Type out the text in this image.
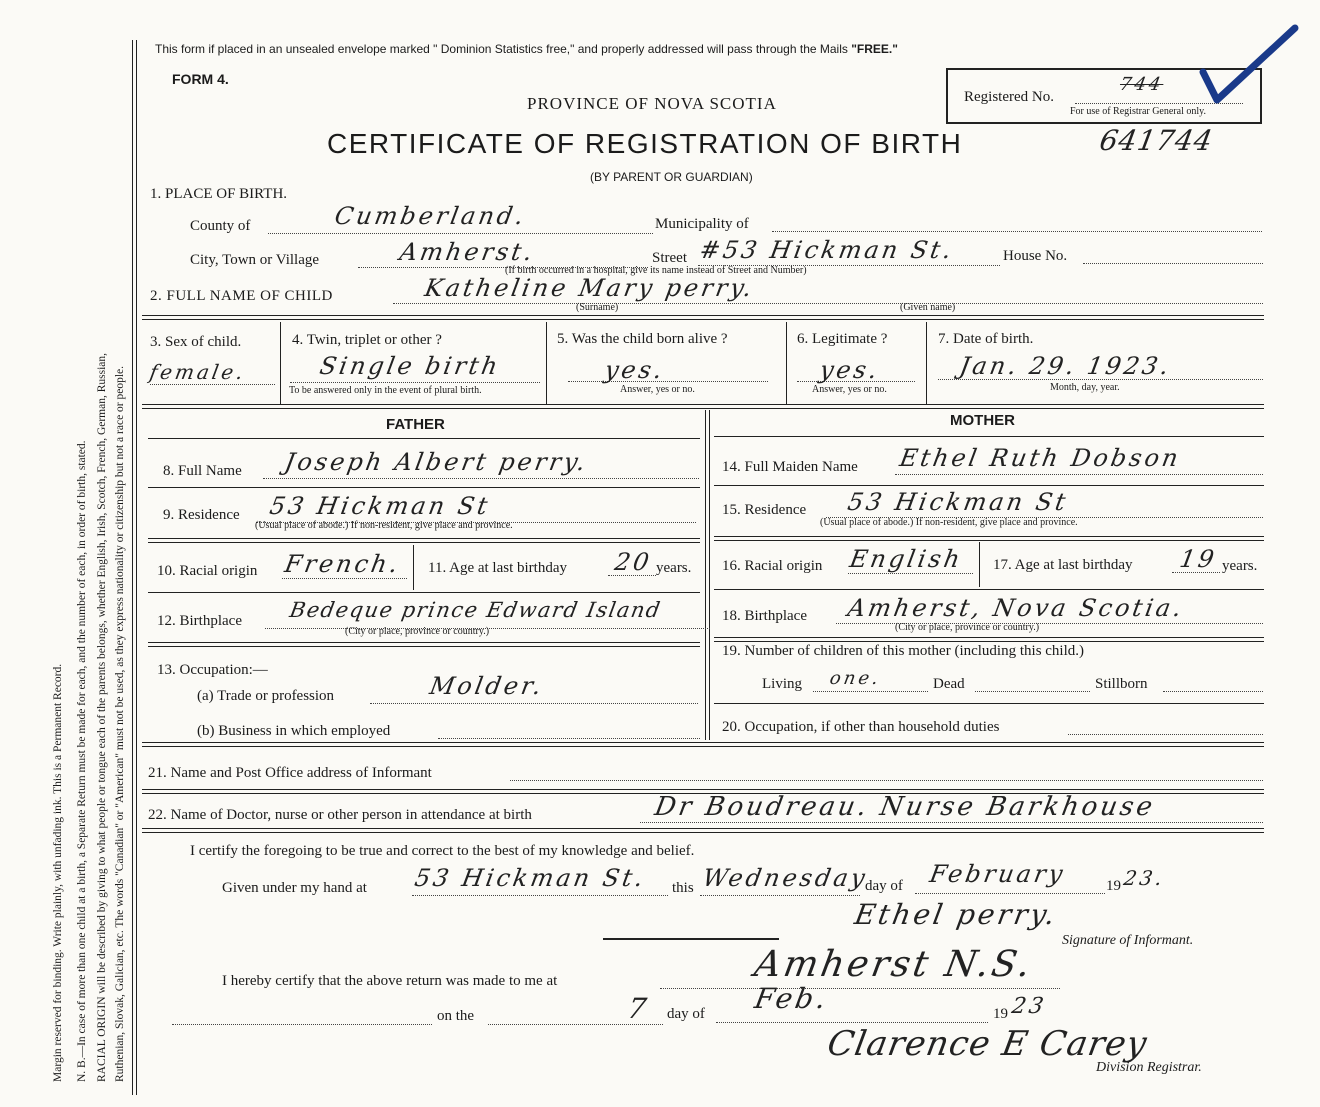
Margin reserved for binding. Write plainly, with unfading ink. This is a Permanent Record. N. B.—In case of more than one child at a birth, a Separate Return must be made for each, and the number of each, in order of birth, stated. RACIAL ORIGIN will be described by giving to what people or tongue each of the parents belongs, whether English, Irish, Scotch, French, German, Russian, Ruthenian, Slovak, Galician, etc. The words "Canadian" or "American" must not be used, as they express nationality or citizenship but not a race or people.
This form if placed in an unsealed envelope marked " Dominion Statistics free," and properly addressed will pass through the Mails "FREE."
FORM 4.
PROVINCE OF NOVA SCOTIA
CERTIFICATE OF REGISTRATION OF BIRTH	641744
(BY PARENT OR GUARDIAN)
Registered No.
744
For use of Registrar General only.
1. PLACE OF BIRTH.
County of	Cumberland.	Municipality of
City, Town or Village	Amherst.	Street #53 Hickman St.	House No.
(If birth occurred in a hospital, give its name instead of Street and Number)
2. FULL NAME OF CHILD	Katheline Mary perry.
(Surname)	(Given name)
3. Sex of child.
female.
4. Twin, triplet or other ?
Single birth
To be answered only in the event of plural birth.
5. Was the child born alive ?
yes.
Answer, yes or no.
6. Legitimate ?
yes.
Answer, yes or no.
7. Date of birth.
Jan. 29. 1923.
Month, day, year.
FATHER	MOTHER
8. Full Name Joseph Albert perry.
9. Residence 53 Hickman St
(Usual place of abode.) If non-resident, give place and province.
10. Racial origin French. 11. Age at last birthday 20 years.
12. Birthplace Bedeque prince Edward Island
(City or place, province or country.)
13. Occupation:—
(a) Trade or profession	Molder.
(b) Business in which employed
14. Full Maiden Name Ethel Ruth Dobson
15. Residence 53 Hickman St
(Usual place of abode.) If non-resident, give place and province.
16. Racial origin English 17. Age at last birthday 19 years.
18. Birthplace Amherst, Nova Scotia.
(City or place, province or country.)
19. Number of children of this mother (including this child.)
Living one.	Dead	Stillborn
20. Occupation, if other than household duties
21. Name and Post Office address of Informant
22. Name of Doctor, nurse or other person in attendance at birth	Dr Boudreau. Nurse Barkhouse
I certify the foregoing to be true and correct to the best of my knowledge and belief.
Given under my hand at 53 Hickman St. this Wednesday
day of February	19 23.
Ethel perry.
Signature of Informant.
I hereby certify that the above return was made to me at	Amherst N.S.
on the	7 day of Feb.	19 23
Clarence E Carey
Division Registrar.
